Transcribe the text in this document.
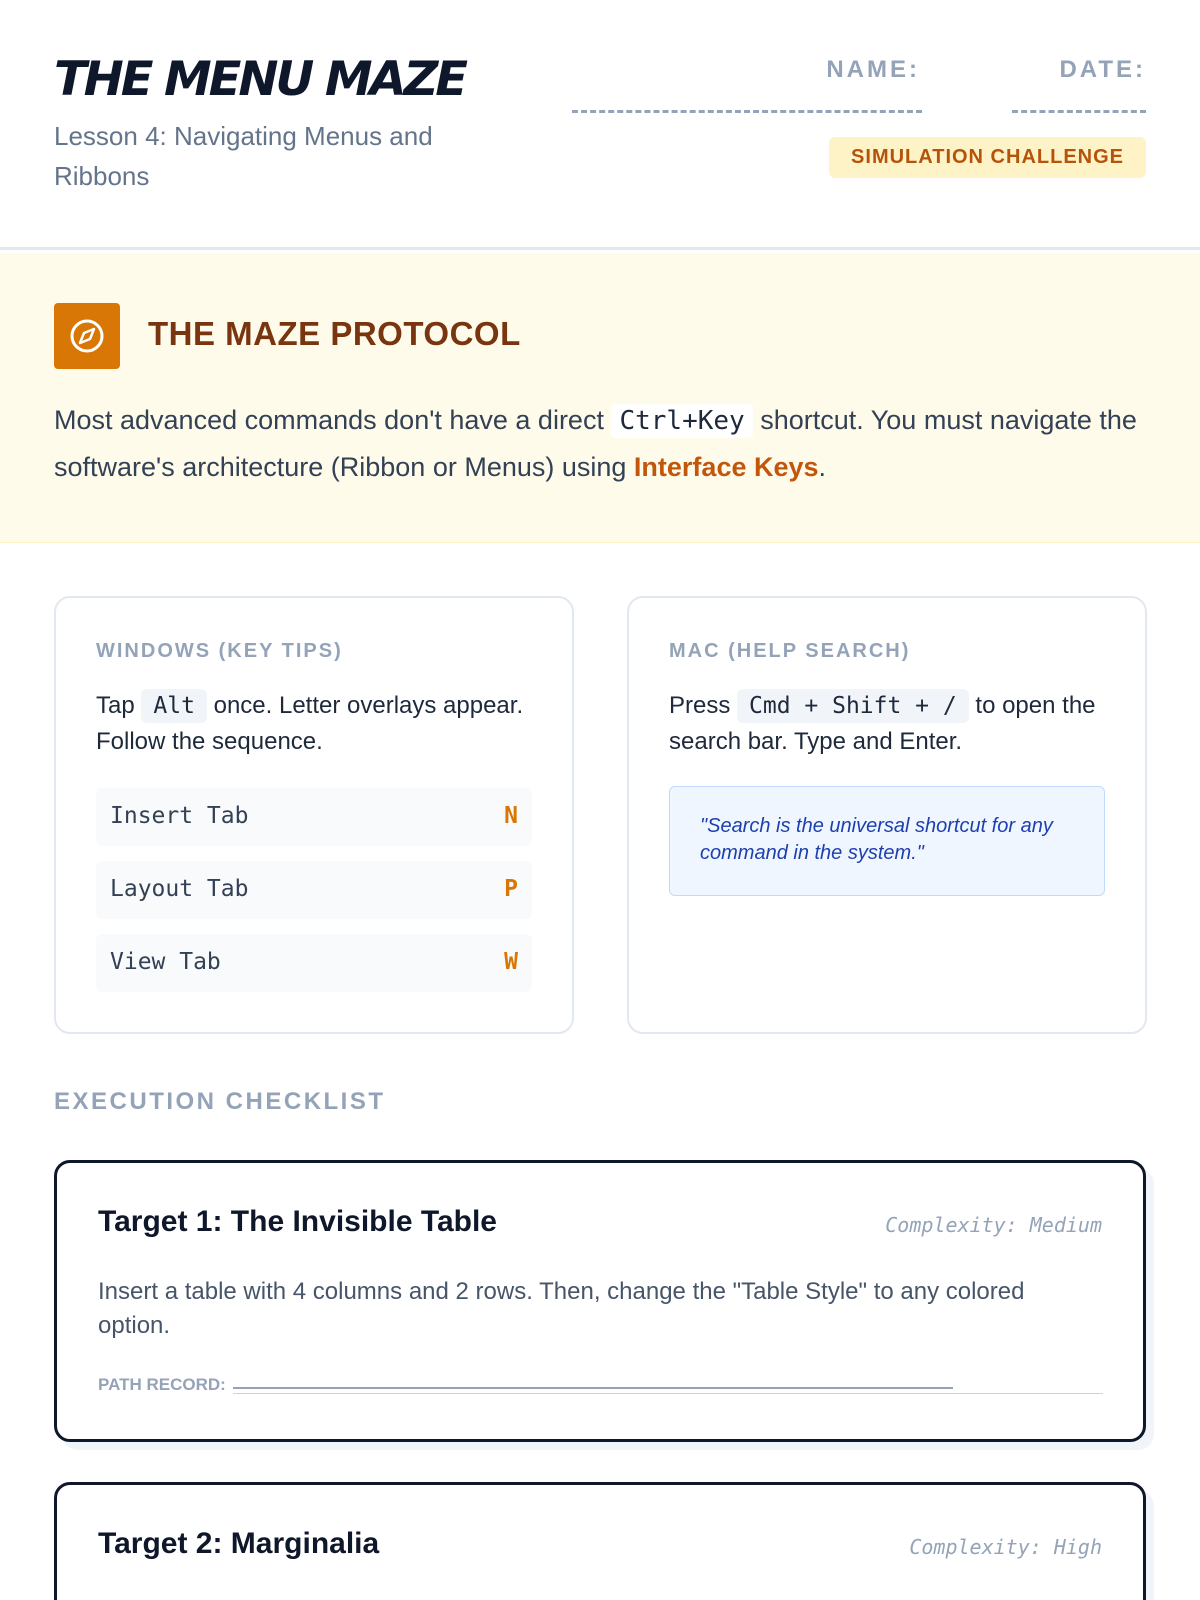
THE MENU MAZE
Lesson 4: Navigating Menus and Ribbons
NAME:	DATE:
SIMULATION CHALLENGE
THE MAZE PROTOCOL
Most advanced commands don't have a direct Ctrl+Key shortcut. You must navigate the software's architecture (Ribbon or Menus) using Interface Keys.
WINDOWS (KEY TIPS)
Tap Alt once. Letter overlays appear. Follow the sequence.
Insert Tab	N
Layout Tab	P
View Tab	W
MAC (HELP SEARCH)
Press Cmd + Shift + / to open the search bar. Type and Enter.
"Search is the universal shortcut for any command in the system."
EXECUTION CHECKLIST
Target 1: The Invisible Table	Complexity: Medium
Insert a table with 4 columns and 2 rows. Then, change the "Table Style" to any colored option.
PATH RECORD:
Target 2: Marginalia	Complexity: High
